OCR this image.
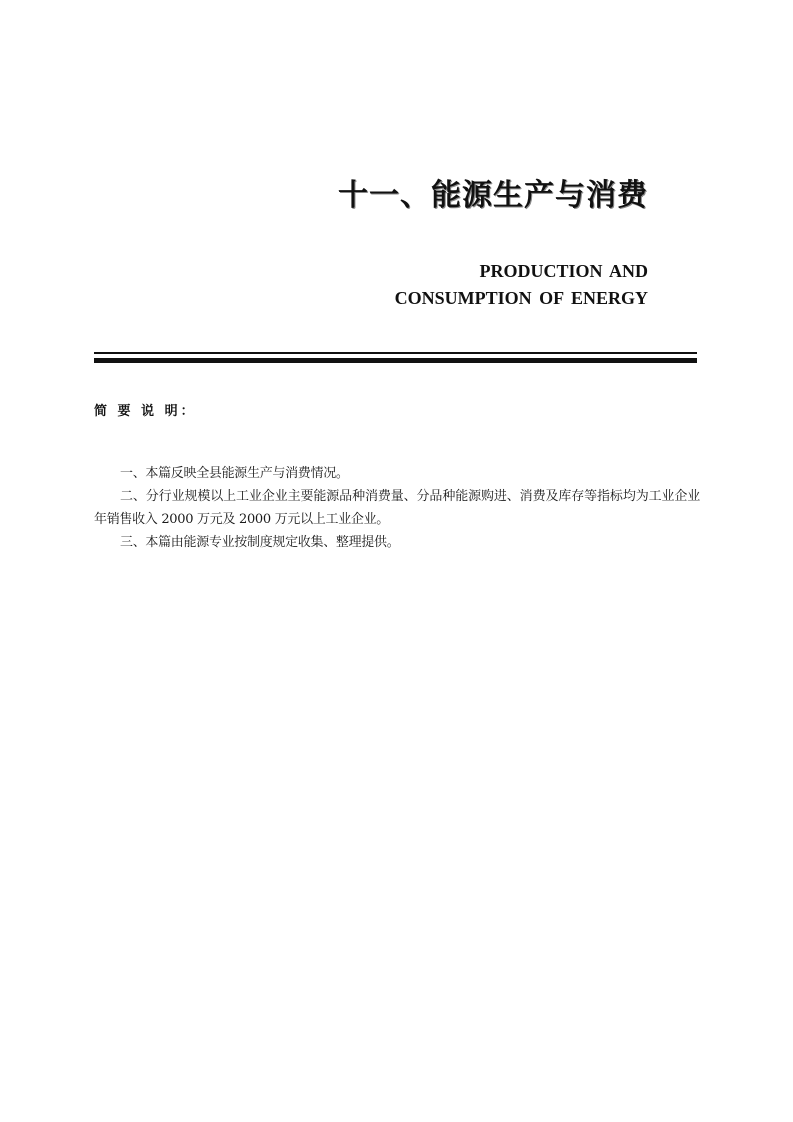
十一、能源生产与消费
PRODUCTION AND
CONSUMPTION OF ENERGY
简 要 说 明：

一、本篇反映全县能源生产与消费情况。

二、分行业规模以上工业企业主要能源品种消费量、分品种能源购进、消费及库存等指标均为工业企业年销售收入 2000 万元及 2000 万元以上工业企业。

三、本篇由能源专业按制度规定收集、整理提供。
